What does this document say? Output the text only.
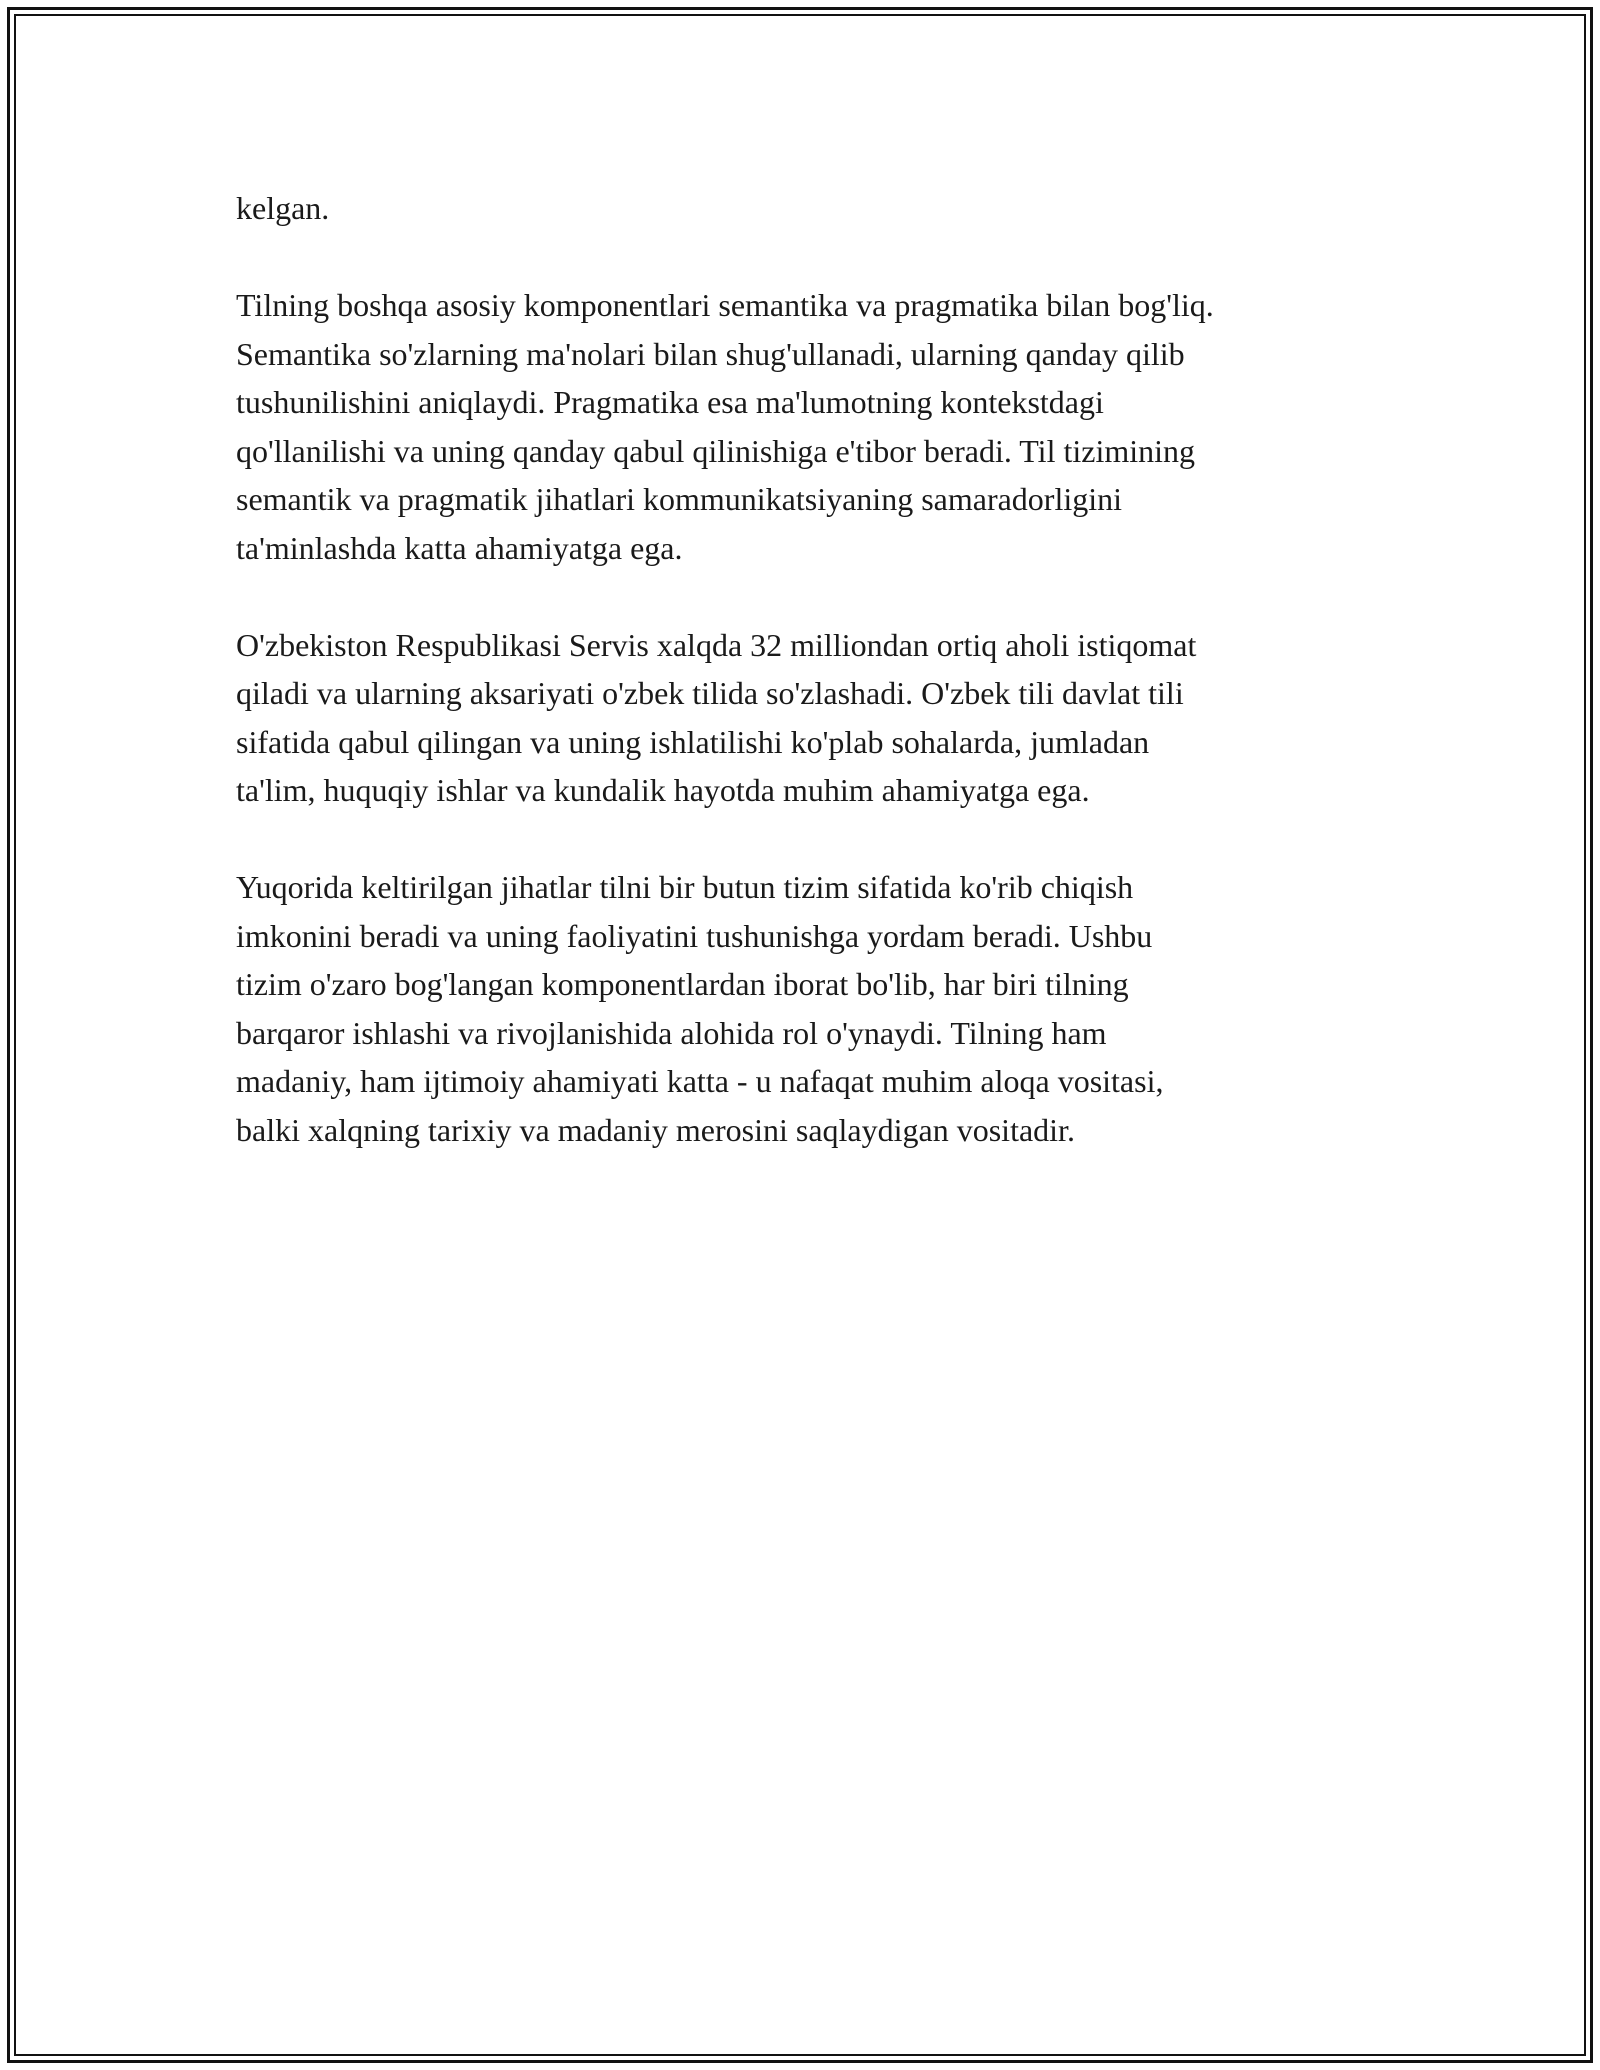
kelgan.

Tilning boshqa asosiy komponentlari semantika va pragmatika bilan bog'liq.
Semantika so'zlarning ma'nolari bilan shug'ullanadi, ularning qanday qilib
tushunilishini aniqlaydi. Pragmatika esa ma'lumotning kontekstdagi
qo'llanilishi va uning qanday qabul qilinishiga e'tibor beradi. Til tizimining
semantik va pragmatik jihatlari kommunikatsiyaning samaradorligini
ta'minlashda katta ahamiyatga ega.

O'zbekiston Respublikasi Servis xalqda 32 milliondan ortiq aholi istiqomat
qiladi va ularning aksariyati o'zbek tilida so'zlashadi. O'zbek tili davlat tili
sifatida qabul qilingan va uning ishlatilishi ko'plab sohalarda, jumladan
ta'lim, huquqiy ishlar va kundalik hayotda muhim ahamiyatga ega.

Yuqorida keltirilgan jihatlar tilni bir butun tizim sifatida ko'rib chiqish
imkonini beradi va uning faoliyatini tushunishga yordam beradi. Ushbu
tizim o'zaro bog'langan komponentlardan iborat bo'lib, har biri tilning
barqaror ishlashi va rivojlanishida alohida rol o'ynaydi. Tilning ham
madaniy, ham ijtimoiy ahamiyati katta - u nafaqat muhim aloqa vositasi,
balki xalqning tarixiy va madaniy merosini saqlaydigan vositadir.
